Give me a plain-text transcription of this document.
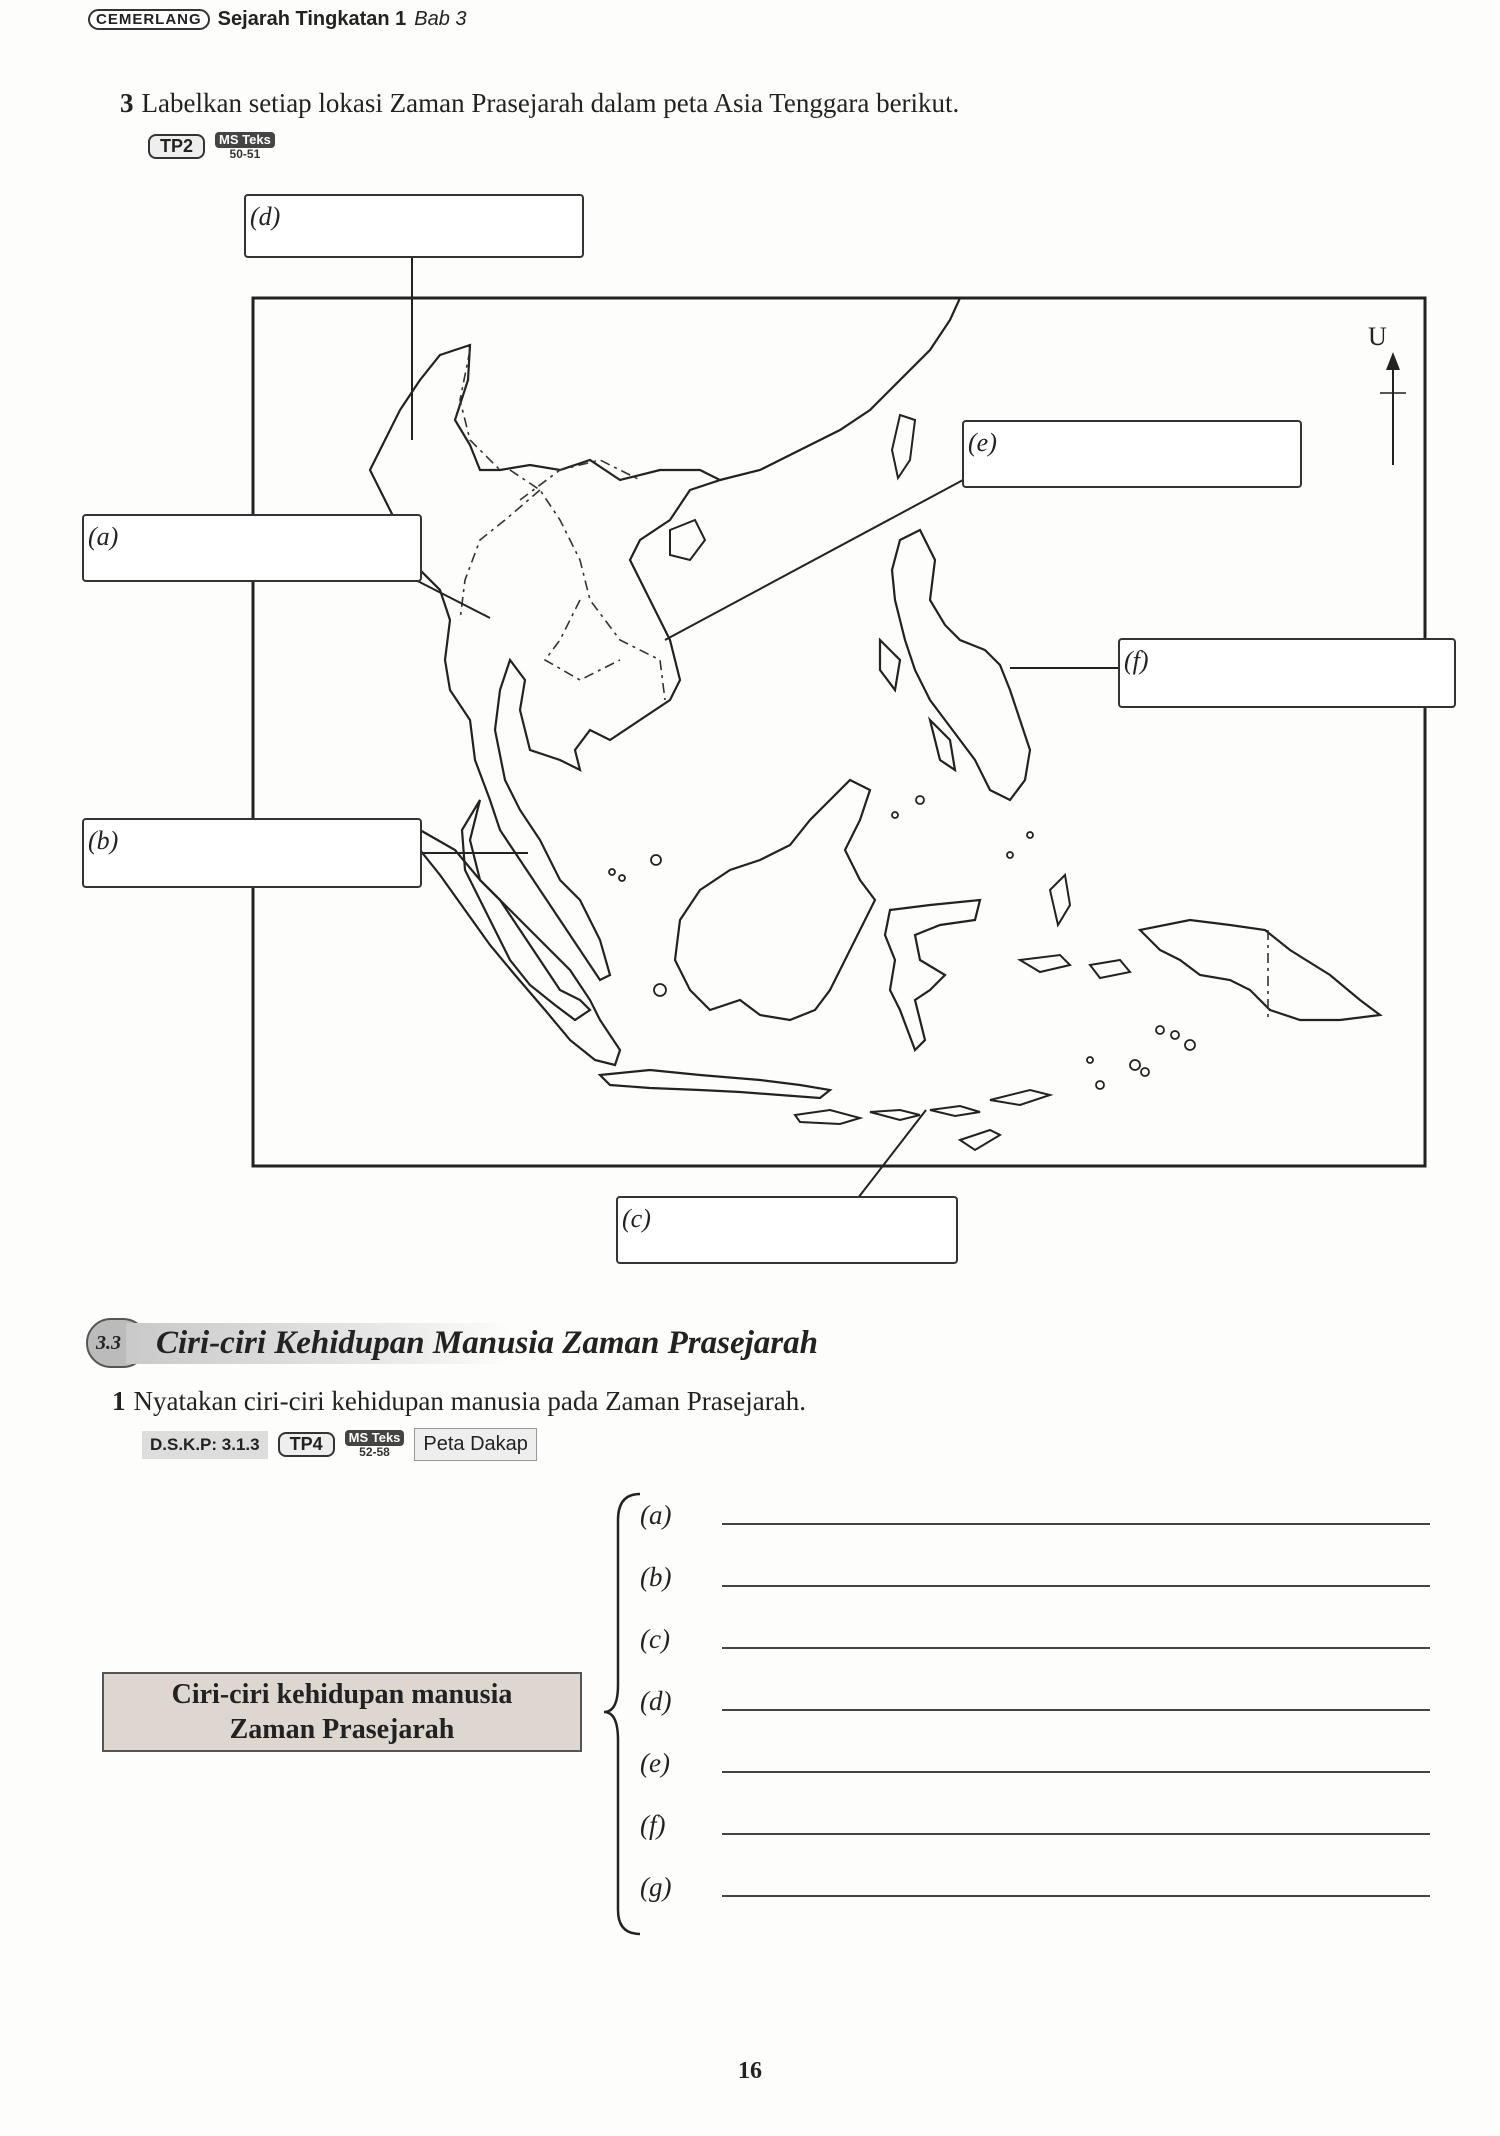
CEMERLANG Sejarah Tingkatan 1 Bab 3
3 Labelkan setiap lokasi Zaman Prasejarah dalam peta Asia Tenggara berikut.
TP2	MS Teks
50-51
(d)
(e)
(a)
(f)
(b)
(c)
U
3.3	Ciri-ciri Kehidupan Manusia Zaman Prasejarah
1 Nyatakan ciri-ciri kehidupan manusia pada Zaman Prasejarah.
D.S.K.P: 3.1.3	TP4	MS Teks
52-58	Peta Dakap
Ciri-ciri kehidupan manusia
Zaman Prasejarah
(a)
(b)
(c)
(d)
(e)
(f)
(g)
16
